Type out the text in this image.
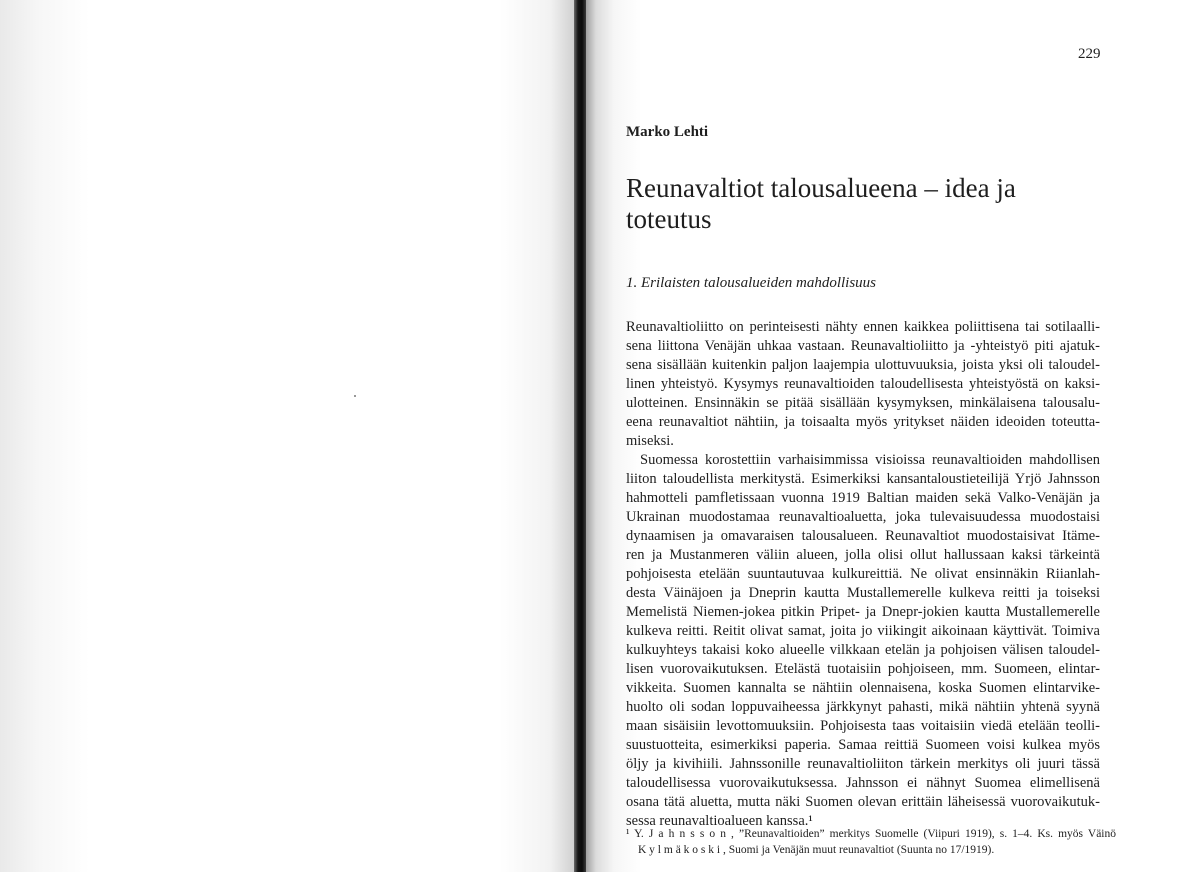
229
Marko Lehti
Reunavaltiot talousalueena – idea ja
toteutus
1. Erilaisten talousalueiden mahdollisuus
Reunavaltioliitto on perinteisesti nähty ennen kaikkea poliittisena tai sotilaalli-
sena liittona Venäjän uhkaa vastaan. Reunavaltioliitto ja -yhteistyö piti ajatuk-
sena sisällään kuitenkin paljon laajempia ulottuvuuksia, joista yksi oli taloudel-
linen yhteistyö. Kysymys reunavaltioiden taloudellisesta yhteistyöstä on kaksi-
ulotteinen. Ensinnäkin se pitää sisällään kysymyksen, minkälaisena talousalu-
eena reunavaltiot nähtiin, ja toisaalta myös yritykset näiden ideoiden toteutta-
miseksi.
Suomessa korostettiin varhaisimmissa visioissa reunavaltioiden mahdollisen
liiton taloudellista merkitystä. Esimerkiksi kansantaloustieteilijä Yrjö Jahnsson
hahmotteli pamfletissaan vuonna 1919 Baltian maiden sekä Valko-Venäjän ja
Ukrainan muodostamaa reunavaltioaluetta, joka tulevaisuudessa muodostaisi
dynaamisen ja omavaraisen talousalueen. Reunavaltiot muodostaisivat Itäme-
ren ja Mustanmeren väliin alueen, jolla olisi ollut hallussaan kaksi tärkeintä
pohjoisesta etelään suuntautuvaa kulkureittiä. Ne olivat ensinnäkin Riianlah-
desta Väinäjoen ja Dneprin kautta Mustallemerelle kulkeva reitti ja toiseksi
Memelistä Niemen-jokea pitkin Pripet- ja Dnepr-jokien kautta Mustallemerelle
kulkeva reitti. Reitit olivat samat, joita jo viikingit aikoinaan käyttivät. Toimiva
kulkuyhteys takaisi koko alueelle vilkkaan etelän ja pohjoisen välisen taloudel-
lisen vuorovaikutuksen. Etelästä tuotaisiin pohjoiseen, mm. Suomeen, elintar-
vikkeita. Suomen kannalta se nähtiin olennaisena, koska Suomen elintarvike-
huolto oli sodan loppuvaiheessa järkkynyt pahasti, mikä nähtiin yhtenä syynä
maan sisäisiin levottomuuksiin. Pohjoisesta taas voitaisiin viedä etelään teolli-
suustuotteita, esimerkiksi paperia. Samaa reittiä Suomeen voisi kulkea myös
öljy ja kivihiili. Jahnssonille reunavaltioliiton tärkein merkitys oli juuri tässä
taloudellisessa vuorovaikutuksessa. Jahnsson ei nähnyt Suomea elimellisenä
osana tätä aluetta, mutta näki Suomen olevan erittäin läheisessä vuorovaikutuk-
sessa reunavaltioalueen kanssa.¹
¹ Y. J a h n s s o n , ”Reunavaltioiden” merkitys Suomelle (Viipuri 1919), s. 1–4. Ks. myös Väinö
K y l m ä k o s k i , Suomi ja Venäjän muut reunavaltiot (Suunta no 17/1919).
